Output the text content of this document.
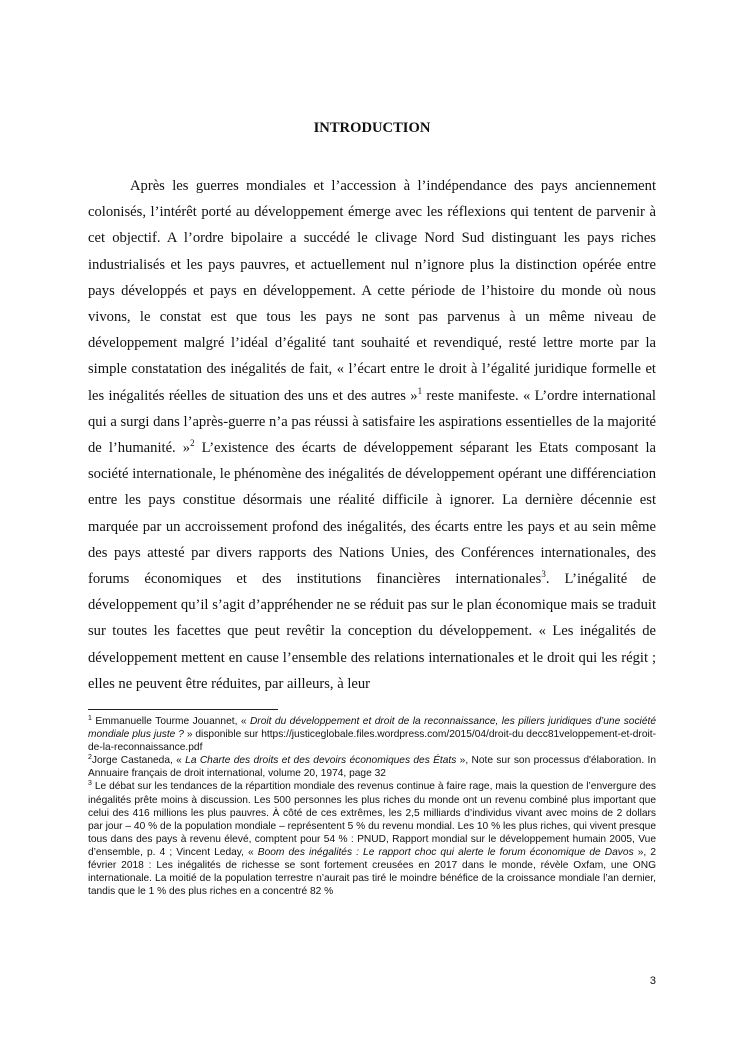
INTRODUCTION

Après les guerres mondiales et l’accession à l’indépendance des pays anciennement colonisés, l’intérêt porté au développement émerge avec les réflexions qui tentent de parvenir à cet objectif. A l’ordre bipolaire a succédé le clivage Nord Sud distinguant les pays riches industrialisés et les pays pauvres, et actuellement nul n’ignore plus la distinction opérée entre pays développés et pays en développement. A cette période de l’histoire du monde où nous vivons, le constat est que tous les pays ne sont pas parvenus à un même niveau de développement malgré l’idéal d’égalité tant souhaité et revendiqué, resté lettre morte par la simple constatation des inégalités de fait, « l’écart entre le droit à l’égalité juridique formelle et les inégalités réelles de situation des uns et des autres »$^1$ reste manifeste. « L’ordre international qui a surgi dans l’après-guerre n’a pas réussi à satisfaire les aspirations essentielles de la majorité de l’humanité. »$^2$ L’existence des écarts de développement séparant les Etats composant la société internationale, le phénomène des inégalités de développement opérant une différenciation entre les pays constitue désormais une réalité difficile à ignorer. La dernière décennie est marquée par un accroissement profond des inégalités, des écarts entre les pays et au sein même des pays attesté par divers rapports des Nations Unies, des Conférences internationales, des forums économiques et des institutions financières internationales$^3$. L’inégalité de développement qu’il s’agit d’appréhender ne se réduit pas sur le plan économique mais se traduit sur toutes les facettes que peut revêtir la conception du développement. « Les inégalités de développement mettent en cause l’ensemble des relations internationales et le droit qui les régit ; elles ne peuvent être réduites, par ailleurs, à leur

$^1$ Emmanuelle Tourme Jouannet, « Droit du développement et droit de la reconnaissance, les piliers juridiques d’une société mondiale plus juste ? » disponible sur https://justiceglobale.files.wordpress.com/2015/04/droit-du decc81veloppement-et-droit-de-la-reconnaissance.pdf

$^2$Jorge Castaneda, « La Charte des droits et des devoirs économiques des États », Note sur son processus d'élaboration. In Annuaire français de droit international, volume 20, 1974, page 32

$^3$ Le débat sur les tendances de la répartition mondiale des revenus continue à faire rage, mais la question de l’envergure des inégalités prête moins à discussion. Les 500 personnes les plus riches du monde ont un revenu combiné plus important que celui des 416 millions les plus pauvres. À côté de ces extrêmes, les 2,5 milliards d’individus vivant avec moins de 2 dollars par jour – 40 % de la population mondiale – représentent 5 % du revenu mondial. Les 10 % les plus riches, qui vivent presque tous dans des pays à revenu élevé, comptent pour 54 % : PNUD, Rapport mondial sur le développement humain 2005, Vue d’ensemble, p. 4 ; Vincent Leday, « Boom des inégalités : Le rapport choc qui alerte le forum économique de Davos », 2 février 2018 : Les inégalités de richesse se sont fortement creusées en 2017 dans le monde, révèle Oxfam, une ONG internationale. La moitié de la population terrestre n’aurait pas tiré le moindre bénéfice de la croissance mondiale l’an dernier, tandis que le 1 % des plus riches en a concentré 82 %

3
